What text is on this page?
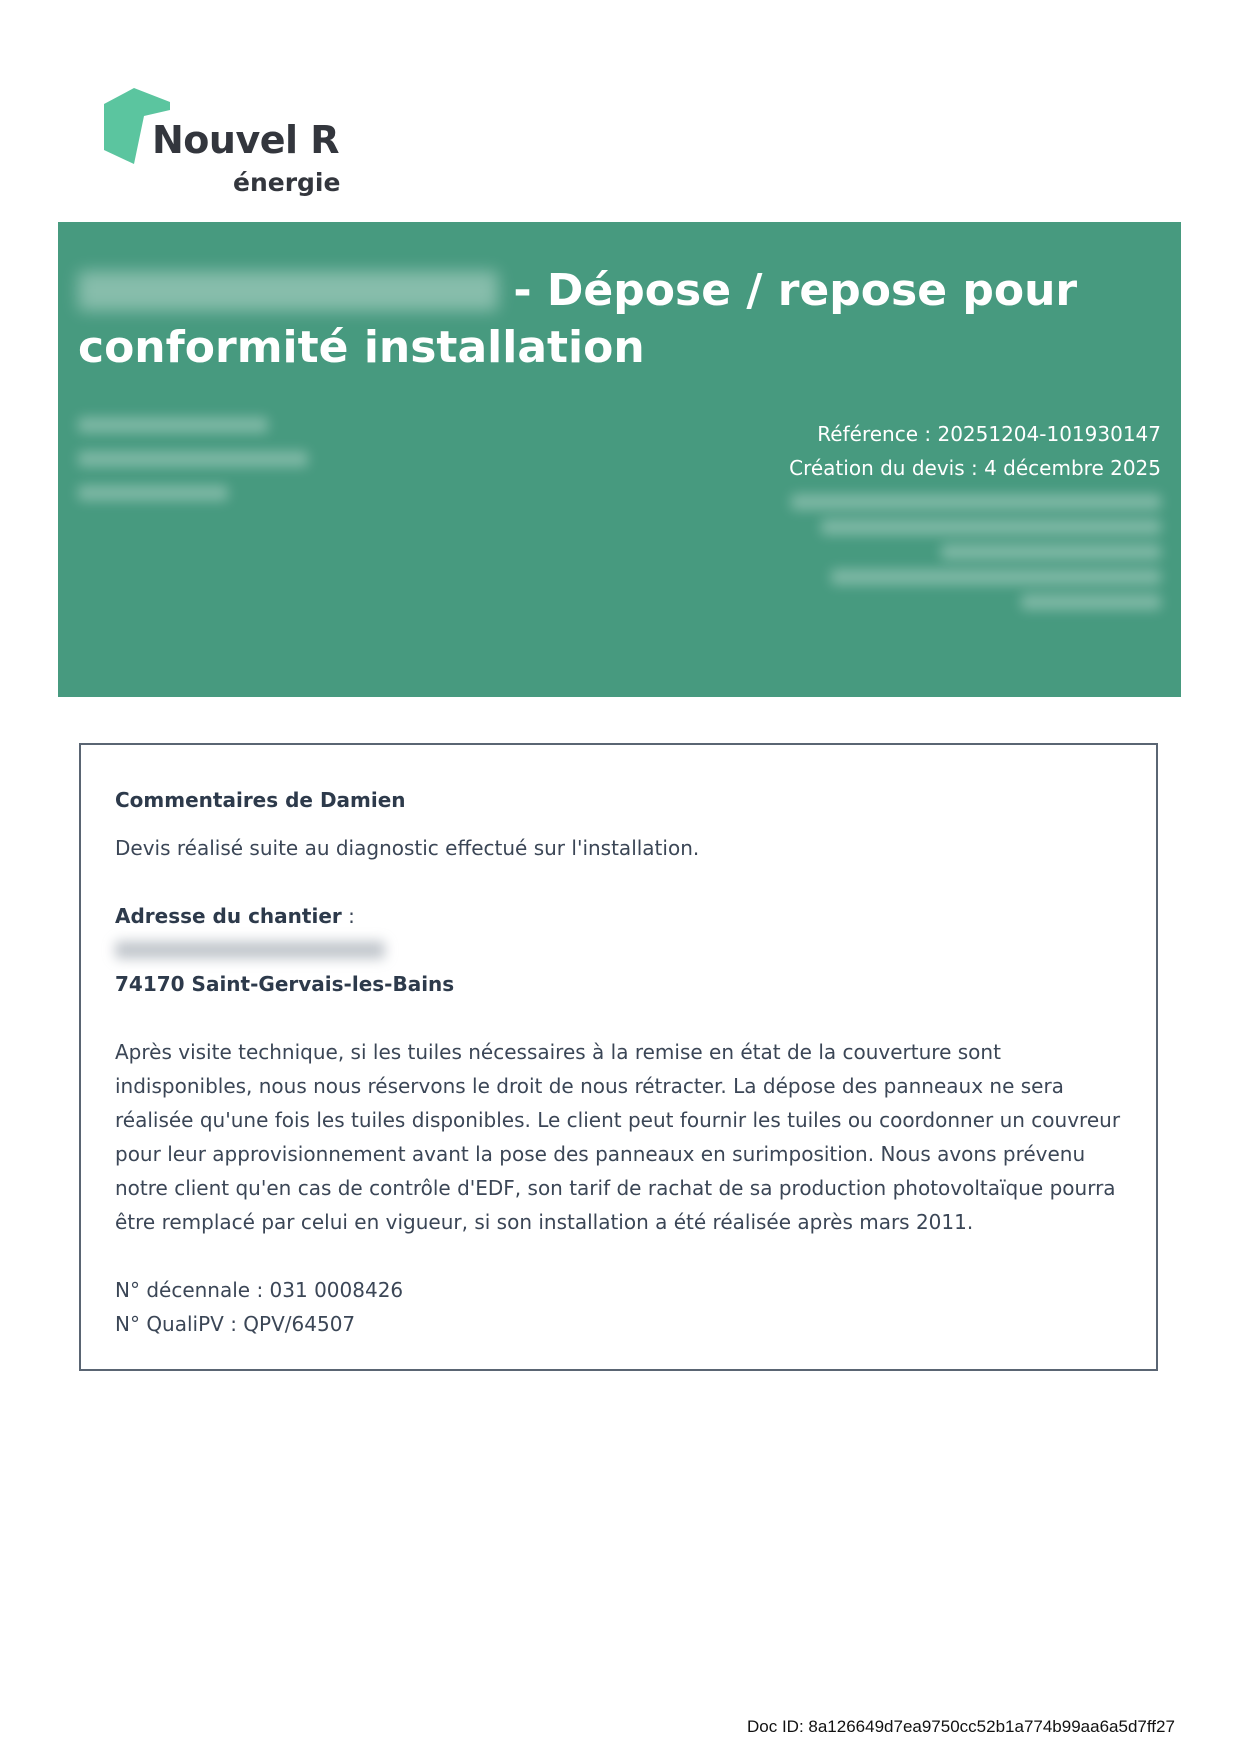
Nouvel R
énergie
- Dépose / repose pour conformité installation
Référence : 20251204-101930147
Création du devis : 4 décembre 2025

Commentaires de Damien

Devis réalisé suite au diagnostic effectué sur l'installation.

Adresse du chantier :

74170 Saint-Gervais-les-Bains

Après visite technique, si les tuiles nécessaires à la remise en état de la couverture sont indisponibles, nous nous réservons le droit de nous rétracter. La dépose des panneaux ne sera réalisée qu'une fois les tuiles disponibles. Le client peut fournir les tuiles ou coordonner un couvreur pour leur approvisionnement avant la pose des panneaux en surimposition. Nous avons prévenu notre client qu'en cas de contrôle d'EDF, son tarif de rachat de sa production photovoltaïque pourra être remplacé par celui en vigueur, si son installation a été réalisée après mars 2011.

N° décennale : 031 0008426

N° QualiPV : QPV/64507

Doc ID: 8a126649d7ea9750cc52b1a774b99aa6a5d7ff27
